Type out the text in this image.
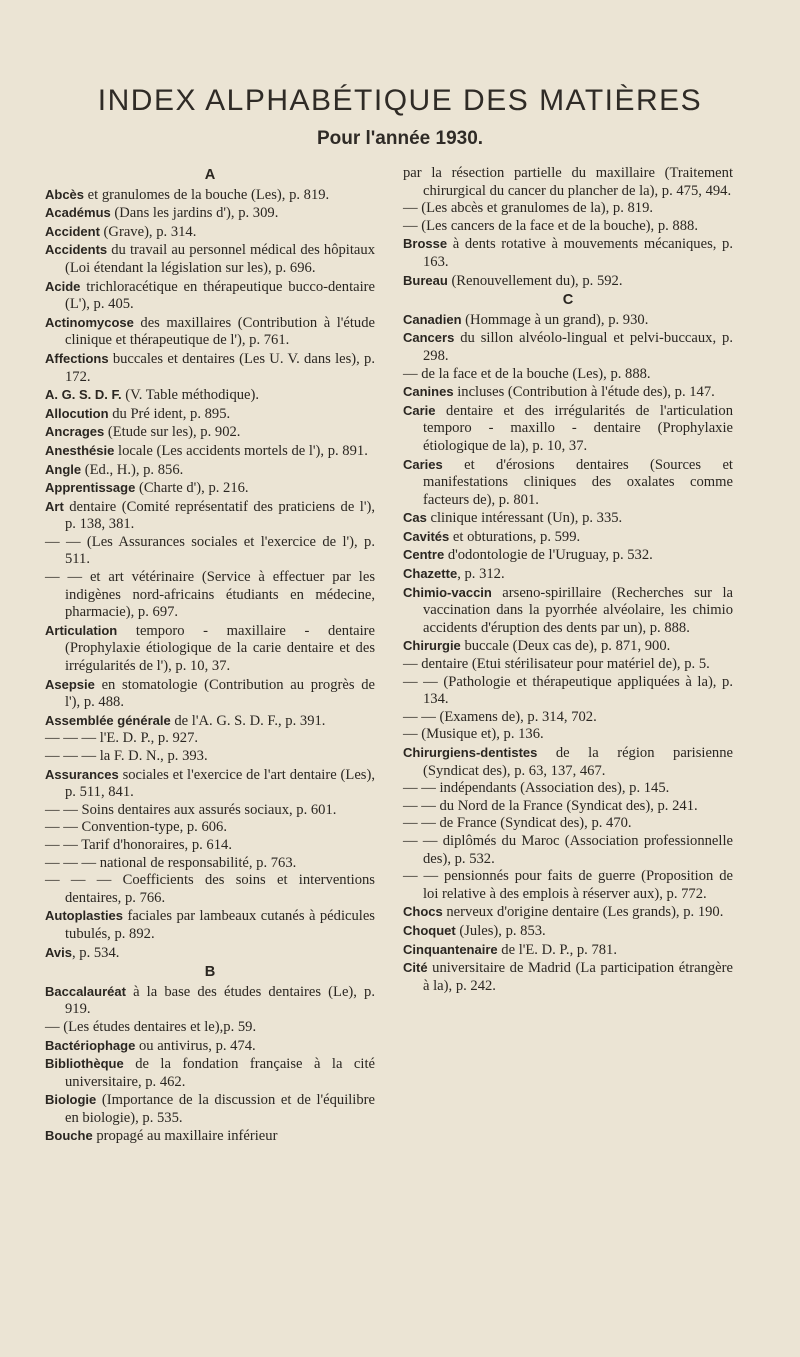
INDEX ALPHABÉTIQUE DES MATIÈRES
Pour l'année 1930.
A

Abcès et granulomes de la bouche (Les), p. 819.

Académus (Dans les jardins d'), p. 309.

Accident (Grave), p. 314.

Accidents du travail au personnel médical des hôpitaux (Loi étendant la législation sur les), p. 696.

Acide trichloracétique en thérapeutique bucco-dentaire (L'), p. 405.

Actinomycose des maxillaires (Contribution à l'étude clinique et thérapeutique de l'), p. 761.

Affections buccales et dentaires (Les U. V. dans les), p. 172.

A. G. S. D. F. (V. Table méthodique).

Allocution du Pré ident, p. 895.

Ancrages (Etude sur les), p. 902.

Anesthésie locale (Les accidents mortels de l'), p. 891.

Angle (Ed., H.), p. 856.

Apprentissage (Charte d'), p. 216.

Art dentaire (Comité représentatif des praticiens de l'), p. 138, 381.

— — (Les Assurances sociales et l'exercice de l'), p. 511.

— — et art vétérinaire (Service à effectuer par les indigènes nord-africains étudiants en médecine, pharmacie), p. 697.

Articulation temporo - maxillaire - dentaire (Prophylaxie étiologique de la carie dentaire et des irrégularités de l'), p. 10, 37.

Asepsie en stomatologie (Contribution au progrès de l'), p. 488.

Assemblée générale de l'A. G. S. D. F., p. 391.

— — — l'E. D. P., p. 927.

— — — la F. D. N., p. 393.

Assurances sociales et l'exercice de l'art dentaire (Les), p. 511, 841.

— — Soins dentaires aux assurés sociaux, p. 601.

— — Convention-type, p. 606.

— — Tarif d'honoraires, p. 614.

— — — national de responsabilité, p. 763.

— — — Coefficients des soins et interventions dentaires, p. 766.

Autoplasties faciales par lambeaux cutanés à pédicules tubulés, p. 892.

Avis, p. 534.

B

Baccalauréat à la base des études dentaires (Le), p. 919.

— (Les études dentaires et le),p. 59.

Bactériophage ou antivirus, p. 474.

Bibliothèque de la fondation française à la cité universitaire, p. 462.

Biologie (Importance de la discussion et de l'équilibre en biologie), p. 535.

Bouche propagé au maxillaire inférieur

par la résection partielle du maxillaire (Traitement chirurgical du cancer du plancher de la), p. 475, 494.

— (Les abcès et granulomes de la), p. 819.

— (Les cancers de la face et de la bouche), p. 888.

Brosse à dents rotative à mouvements mécaniques, p. 163.

Bureau (Renouvellement du), p. 592.

C

Canadien (Hommage à un grand), p. 930.

Cancers du sillon alvéolo-lingual et pelvi-buccaux, p. 298.

— de la face et de la bouche (Les), p. 888.

Canines incluses (Contribution à l'étude des), p. 147.

Carie dentaire et des irrégularités de l'articulation temporo - maxillo - dentaire (Prophylaxie étiologique de la), p. 10, 37.

Caries et d'érosions dentaires (Sources et manifestations cliniques des oxalates comme facteurs de), p. 801.

Cas clinique intéressant (Un), p. 335.

Cavités et obturations, p. 599.

Centre d'odontologie de l'Uruguay, p. 532.

Chazette, p. 312.

Chimio-vaccin arseno-spirillaire (Recherches sur la vaccination dans la pyorrhée alvéolaire, les chimio accidents d'éruption des dents par un), p. 888.

Chirurgie buccale (Deux cas de), p. 871, 900.

— dentaire (Etui stérilisateur pour matériel de), p. 5.

— — (Pathologie et thérapeutique appliquées à la), p. 134.

— — (Examens de), p. 314, 702.

— (Musique et), p. 136.

Chirurgiens-dentistes de la région parisienne (Syndicat des), p. 63, 137, 467.

— — indépendants (Association des), p. 145.

— — du Nord de la France (Syndicat des), p. 241.

— — de France (Syndicat des), p. 470.

— — diplômés du Maroc (Association professionnelle des), p. 532.

— — pensionnés pour faits de guerre (Proposition de loi relative à des emplois à réserver aux), p. 772.

Chocs nerveux d'origine dentaire (Les grands), p. 190.

Choquet (Jules), p. 853.

Cinquantenaire de l'E. D. P., p. 781.

Cité universitaire de Madrid (La participation étrangère à la), p. 242.
